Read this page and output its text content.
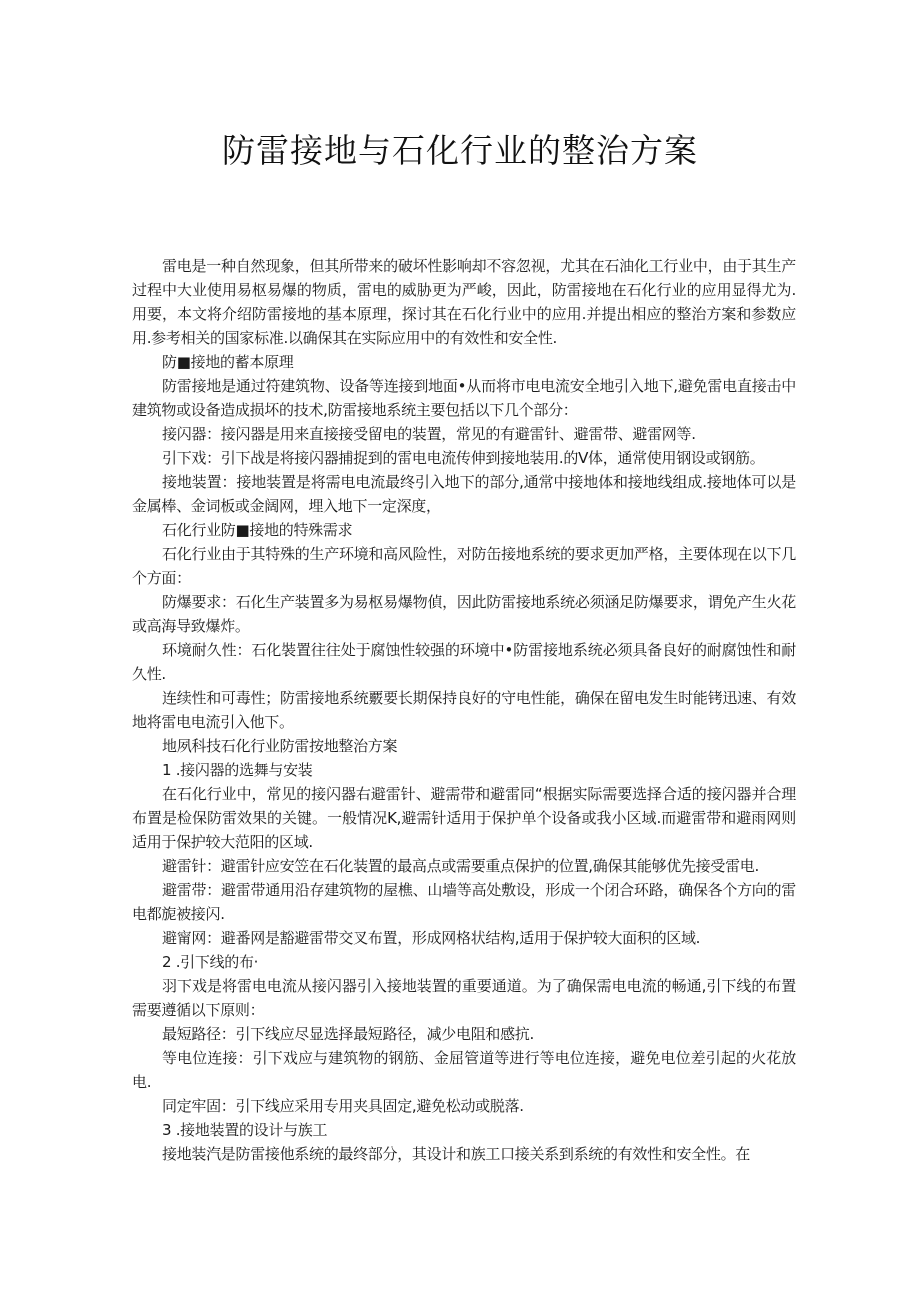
防雷接地与石化行业的整治方案

雷电是一种自然现象，但其所带来的破坏性影响却不容忽视，尤其在石油化工行业中，由于其生产过程中大业使用易枢易爆的物质，雷电的威胁更为严峻，因此，防雷接地在石化行业的应用显得尤为.用要，本文将介绍防雷接地的基本原理，探讨其在石化行业中的应用.并提出相应的整治方案和参数应用.参考相关的国家标准.以确保其在实际应用中的有效性和安全性.

防■接地的蓄本原理

防雷接地是通过符建筑物、设备等连接到地面•从而将市电电流安全地引入地下,避免雷电直接击中建筑物或设备造成损坏的技术,防雷接地系统主要包括以下几个部分：

接闪器：接闪器是用来直接接受留电的装置，常见的有避雷针、避雷带、避雷网等.

引下戏：引下战是将接闪器捕捉到的雷电电流传伸到接地装用.的V体，通常使用钢设或钢筋。

接地装置：接地装置是将需电电流最终引入地下的部分,通常中接地体和接地线组成.接地体可以是金属棒、金词板或金阔网，埋入地下一定深度，

石化行业防■接地的特殊需求

石化行业由于其特殊的生产环境和高风险性，对防缶接地系统的要求更加严格，主要体现在以下几个方面：

防爆要求：石化生产装置多为易枢易爆物偵，因此防雷接地系统必须涵足防爆要求，谓免产生火花或高海导致爆炸。

环境耐久性：石化裝置往往处于腐蚀性较强的环境中•防雷接地系统必须具备良好的耐腐蚀性和耐久性.

连续性和可毒性；防雷接地系统覈要长期保持良好的守电性能，确保在留电发生时能铐迅速、有效地将雷电电流引入他下。

地夙科技石化行业防雷按地整治方案

1 .接闪器的选舞与安装

在石化行业中，常见的接闪器右避雷针、避需带和避雷同“根据实际需要选择合适的接闪器并合理布置是检保防雷效果的关键。一般情况K,避需针适用于保护单个设备或我小区域.而避雷带和避雨网则适用于保护较大范阳的区域.

避雷针：避雷针应安笠在石化装置的最高点或需要重点保护的位置,确保其能够优先接受雷电.

避雷带：避雷带通用沿存建筑物的屋樵、山墙等高处敷设，形成一个闭合环路，确保各个方向的雷电都旎被接闪.

避甯网：避番网是豁避雷带交叉布置，形成网格状结构,适用于保护较大面积的区域.

2 .引下线的布·

羽下戏是将雷电电流从接闪器引入接地装置的重要通道。为了确保需电电流的畅通,引下线的布置需要遵循以下原则：

最短路径：引下线应尽显选择最短路径，减少电阻和感抗.

等电位连接：引下戏应与建筑物的钢筋、金屈管道等进行等电位连接，避免电位差引起的火花放电.

同定牢固：引下线应采用专用夹具固定,避免松动或脱落.

3 .接地装置的设计与族工

接地装汽是防雷接他系统的最终部分，其设计和族工口接关系到系统的有效性和安全性。在
